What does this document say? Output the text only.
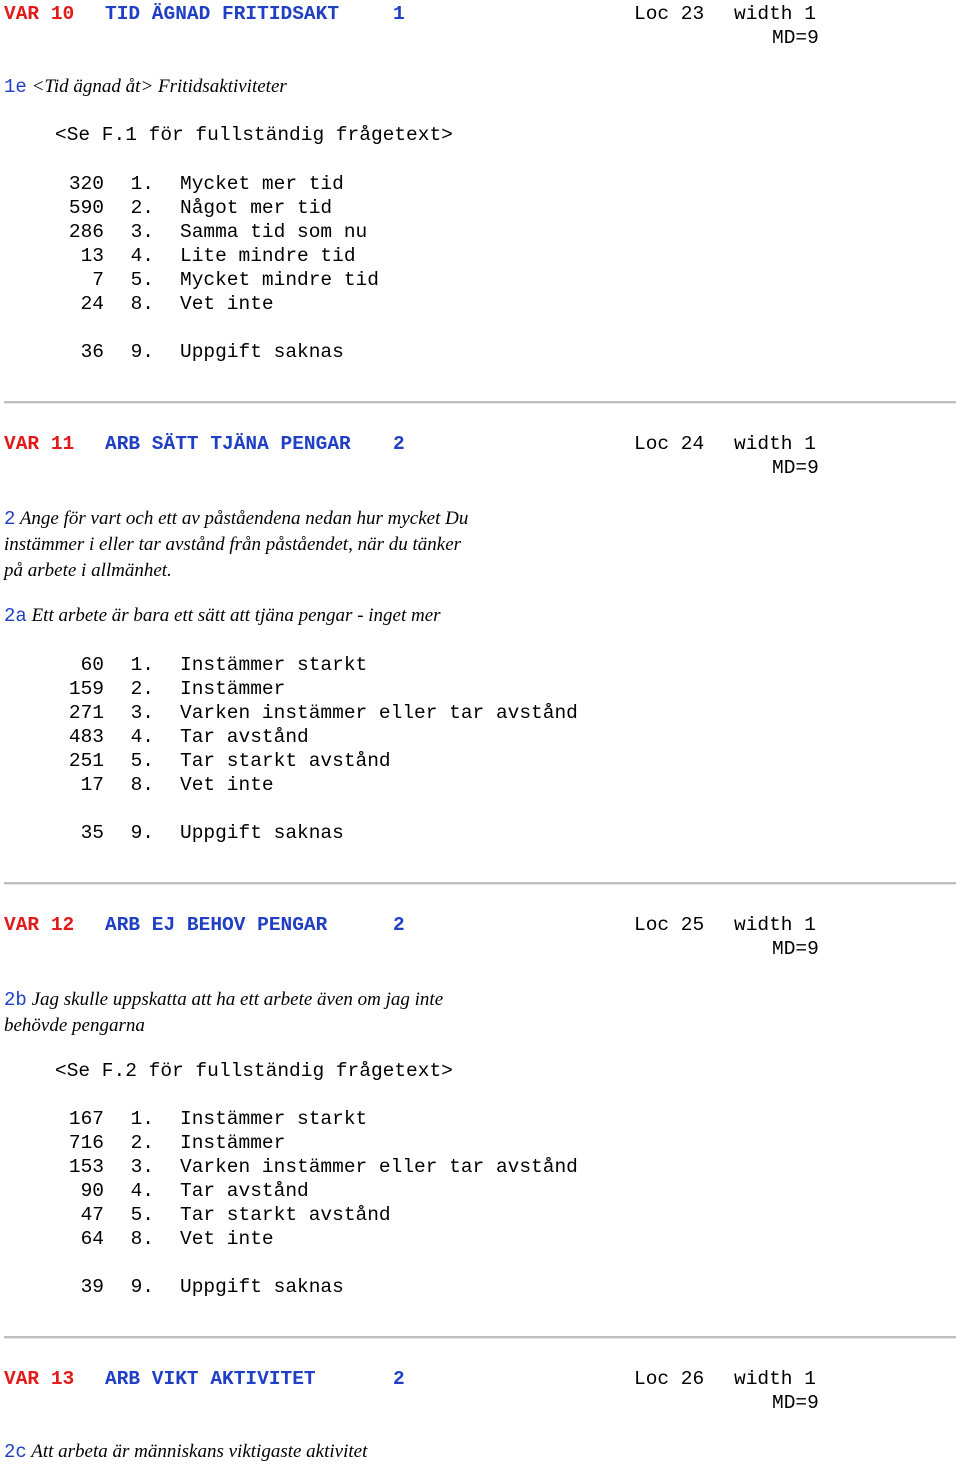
VAR 10 TID ÄGNAD FRITIDSAKT	1	Loc 23 width 1
MD=9
1e <Tid ägnad åt> Fritidsaktiviteter
<Se F.1 för fullständig frågetext>
320 1. Mycket mer tid
590 2. Något mer tid
286 3. Samma tid som nu
13 4. Lite mindre tid
7 5. Mycket mindre tid
24 8. Vet inte
36 9. Uppgift saknas
VAR 11 ARB SÄTT TJÄNA PENGAR 2	Loc 24 width 1
MD=9
2 Ange för vart och ett av påståendena nedan hur mycket Du
instämmer i eller tar avstånd från påståendet, när du tänker
på arbete i allmänhet.
2a Ett arbete är bara ett sätt att tjäna pengar - inget mer
60 1. Instämmer starkt
159 2. Instämmer
271 3. Varken instämmer eller tar avstånd
483 4. Tar avstånd
251 5. Tar starkt avstånd
17 8. Vet inte
35 9. Uppgift saknas
VAR 12 ARB EJ BEHOV PENGAR	2	Loc 25 width 1
MD=9
2b Jag skulle uppskatta att ha ett arbete även om jag inte
behövde pengarna
<Se F.2 för fullständig frågetext>
167 1. Instämmer starkt
716 2. Instämmer
153 3. Varken instämmer eller tar avstånd
90 4. Tar avstånd
47 5. Tar starkt avstånd
64 8. Vet inte
39 9. Uppgift saknas
VAR 13 ARB VIKT AKTIVITET	2	Loc 26 width 1
MD=9
2c Att arbeta är människans viktigaste aktivitet
